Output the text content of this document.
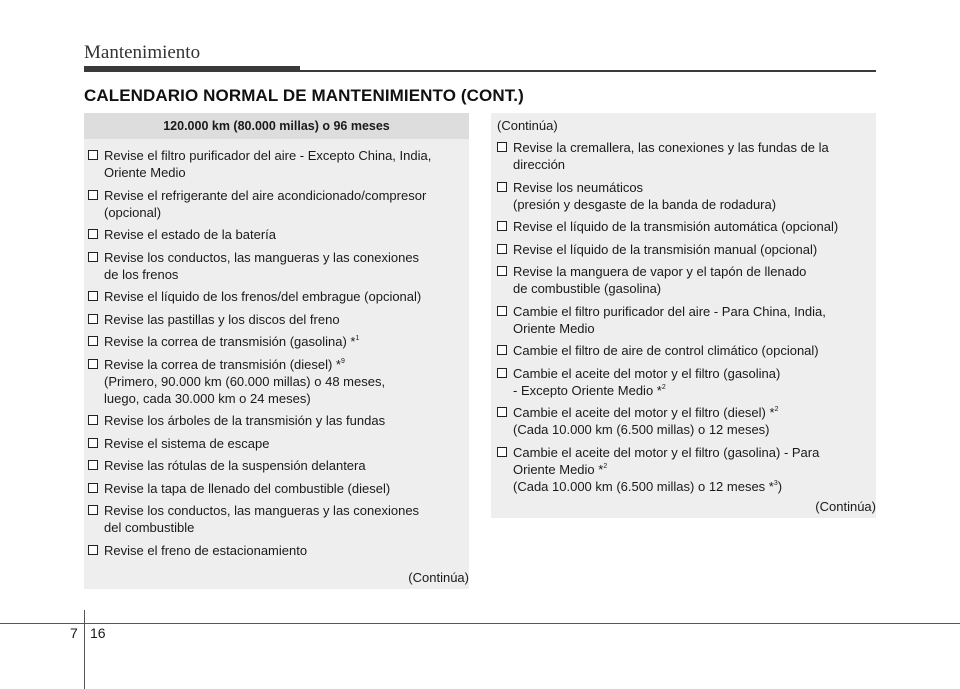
Mantenimiento
CALENDARIO NORMAL DE MANTENIMIENTO (CONT.)
120.000 km (80.000 millas) o 96 meses
Revise el filtro purificador del aire - Excepto China, India,
Oriente Medio
Revise el refrigerante del aire acondicionado/compresor
(opcional)
Revise el estado de la batería
Revise los conductos, las mangueras y las conexiones
de los frenos
Revise el líquido de los frenos/del embrague (opcional)
Revise las pastillas y los discos del freno
Revise la correa de transmisión (gasolina) *$^1$
Revise la correa de transmisión (diesel) *$^9$
(Primero, 90.000 km (60.000 millas) o 48 meses,
luego, cada 30.000 km o 24 meses)
Revise los árboles de la transmisión y las fundas
Revise el sistema de escape
Revise las rótulas de la suspensión delantera
Revise la tapa de llenado del combustible (diesel)
Revise los conductos, las mangueras y las conexiones
del combustible
Revise el freno de estacionamiento
(Continúa)
(Continúa)
Revise la cremallera, las conexiones y las fundas de la
dirección
Revise los neumáticos
(presión y desgaste de la banda de rodadura)
Revise el líquido de la transmisión automática (opcional)
Revise el líquido de la transmisión manual (opcional)
Revise la manguera de vapor y el tapón de llenado
de combustible (gasolina)
Cambie el filtro purificador del aire - Para China, India,
Oriente Medio
Cambie el filtro de aire de control climático (opcional)
Cambie el aceite del motor y el filtro (gasolina)
- Excepto Oriente Medio *$^2$
Cambie el aceite del motor y el filtro (diesel) *$^2$
(Cada 10.000 km (6.500 millas) o 12 meses)
Cambie el aceite del motor y el filtro (gasolina) - Para
Oriente Medio *$^2$
(Cada 10.000 km (6.500 millas) o 12 meses *$^3$)
(Continúa)
7 16
